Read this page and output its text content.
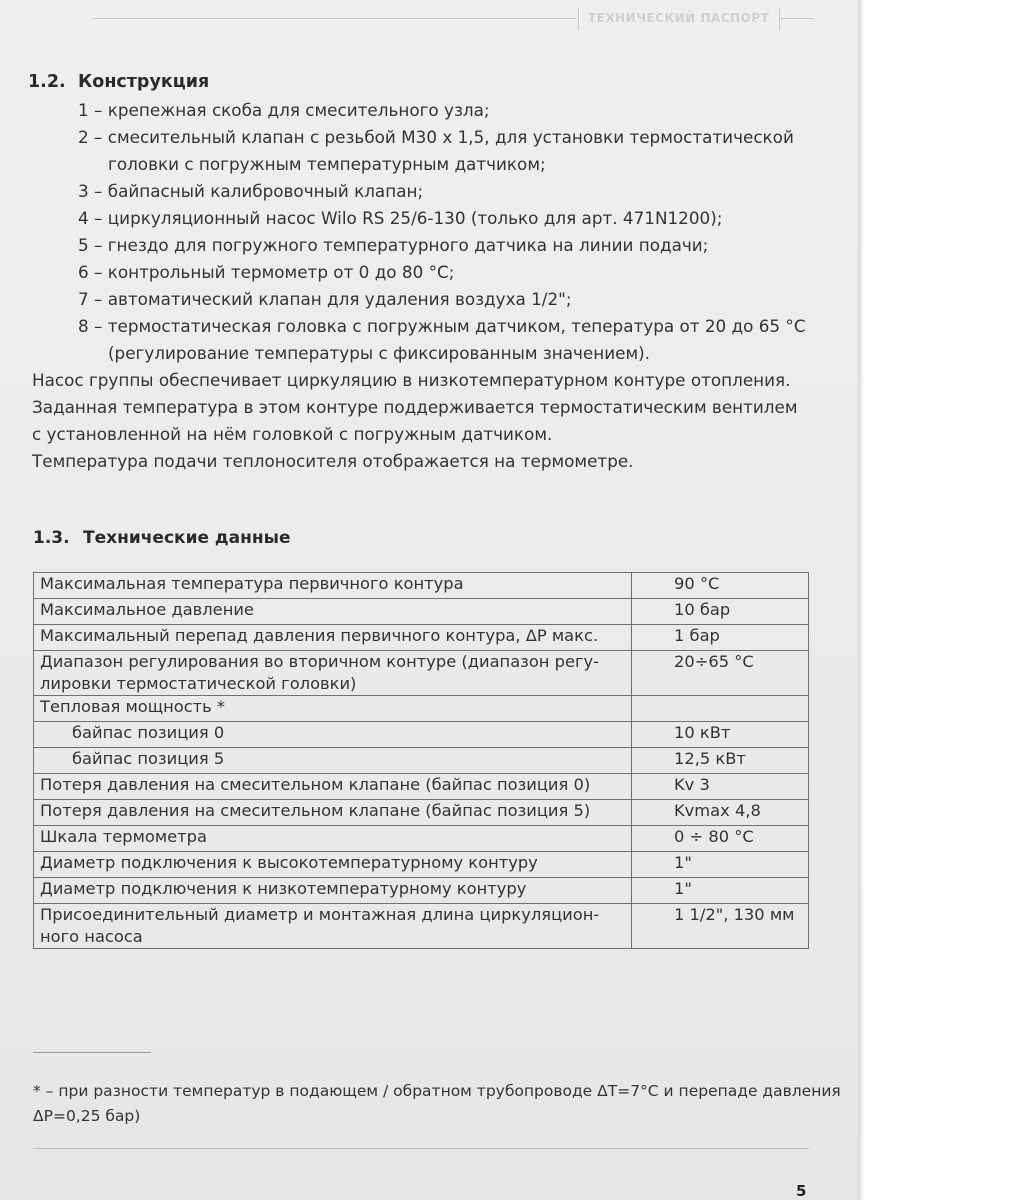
ТЕХНИЧЕСКИЙ ПАСПОРТ
1.2. Конструкция
1 – крепежная скоба для смесительного узла;
2 – смесительный клапан с резьбой М30 х 1,5, для установки термостатической
головки с погружным температурным датчиком;
3 – байпасный калибровочный клапан;
4 – циркуляционный насос Wilo RS 25/6-130 (только для арт. 471N1200);
5 – гнездо для погружного температурного датчика на линии подачи;
6 – контрольный термометр от 0 до 80 °С;
7 – автоматический клапан для удаления воздуха 1/2";
8 – термостатическая головка с погружным датчиком, тепература от 20 до 65 °С
(регулирование температуры с фиксированным значением).
Насос группы обеспечивает циркуляцию в низкотемпературном контуре отопления.
Заданная температура в этом контуре поддерживается термостатическим вентилем
с установленной на нём головкой с погружным датчиком.
Температура подачи теплоносителя отображается на термометре.
1.3. Технические данные
Максимальная температура первичного контура	90 °С

Максимальное давление	10 бар

Максимальный перепад давления первичного контура, ΔP макс.	1 бар

Диапазон регулирования во вторичном контуре (диапазон регу-
лировки термостатической головки)	20÷65 °С

Тепловая мощность *	

байпас позиция 0	10 кВт

байпас позиция 5	12,5 кВт

Потеря давления на смесительном клапане (байпас позиция 0)	Kv 3

Потеря давления на смесительном клапане (байпас позиция 5)	Kvmax 4,8

Шкала термометра	0 ÷ 80 °С

Диаметр подключения к высокотемпературному контуру	1"

Диаметр подключения к низкотемпературному контуру	1"

Присоединительный диаметр и монтажная длина циркуляцион-
ного насоса	1 1/2", 130 мм
* – при разности температур в подающем / обратном трубопроводе ΔТ=7°С и перепаде давления
ΔP=0,25 бар)
5
